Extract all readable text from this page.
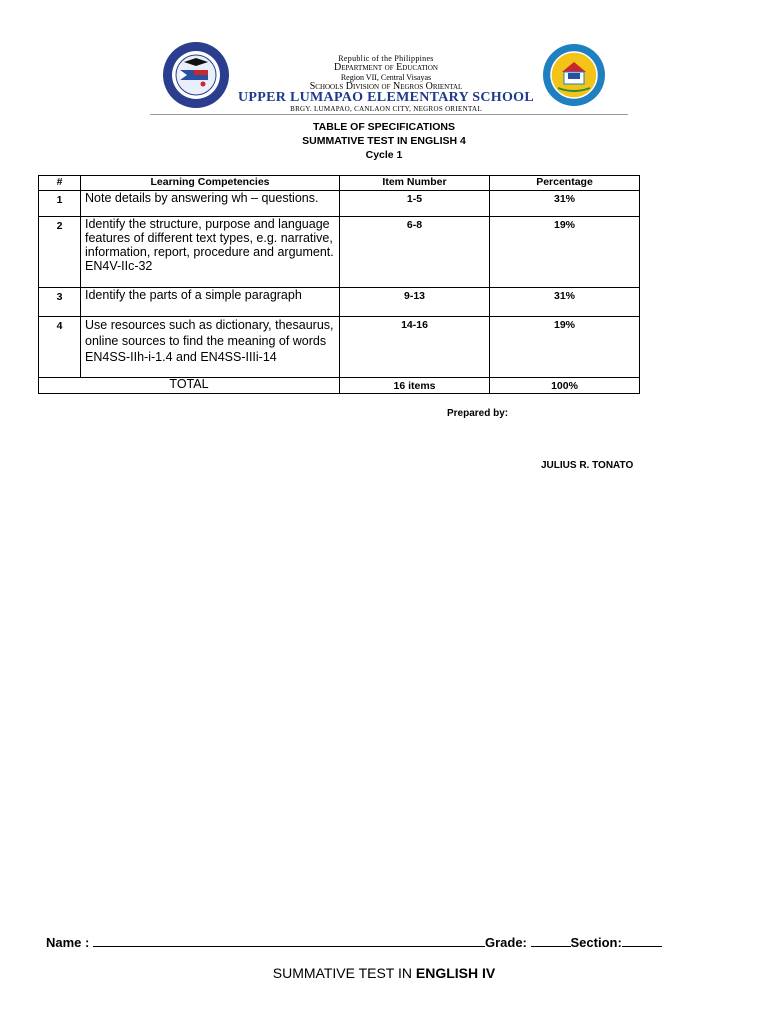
Republic of the Philippines
Department of Education
Region VII, Central Visayas
Schools Division of Negros Oriental
UPPER LUMAPAO ELEMENTARY SCHOOL
BRGY. LUMAPAO, CANLAON CITY, NEGROS ORIENTAL
TABLE OF SPECIFICATIONS
SUMMATIVE TEST IN ENGLISH 4
Cycle 1
#	Learning Competencies	Item Number	Percentage
1	Note details by answering wh – questions.	1-5	31%
2	Identify the structure, purpose and language features of different text types, e.g. narrative, information, report, procedure and argument. EN4V-IIc-32	6-8	19%
3	Identify the parts of a simple paragraph	9-13	31%
4	Use resources such as dictionary, thesaurus, online sources to find the meaning of words EN4SS-IIh-i-1.4 and EN4SS-IIIi-14	14-16	19%
TOTAL		16 items	100%
Prepared by:
JULIUS R. TONATO
Name :	Grade:	Section:
SUMMATIVE TEST IN ENGLISH IV
